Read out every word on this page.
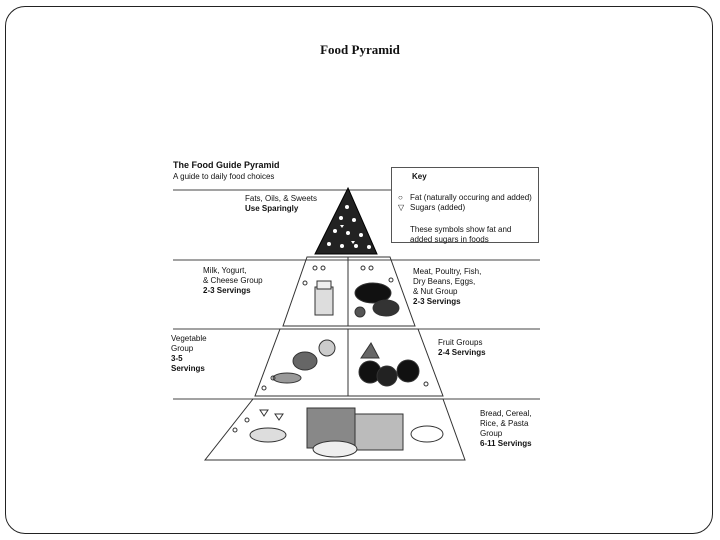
Food Pyramid
The Food Guide Pyramid
A guide to daily food choices	Key
○ Fat (naturally occuring and added)
▽ Sugars (added)
These symbols show fat and
added sugars in foods
Fats, Oils, & Sweets
Use Sparingly
Milk, Yogurt,
& Cheese Group
2-3 Servings
Meat, Poultry, Fish,
Dry Beans, Eggs,
& Nut Group
2-3 Servings
Vegetable
Group
3-5
Servings
Fruit Groups
2-4 Servings
Bread, Cereal,
Rice, & Pasta
Group
6-11 Servings
